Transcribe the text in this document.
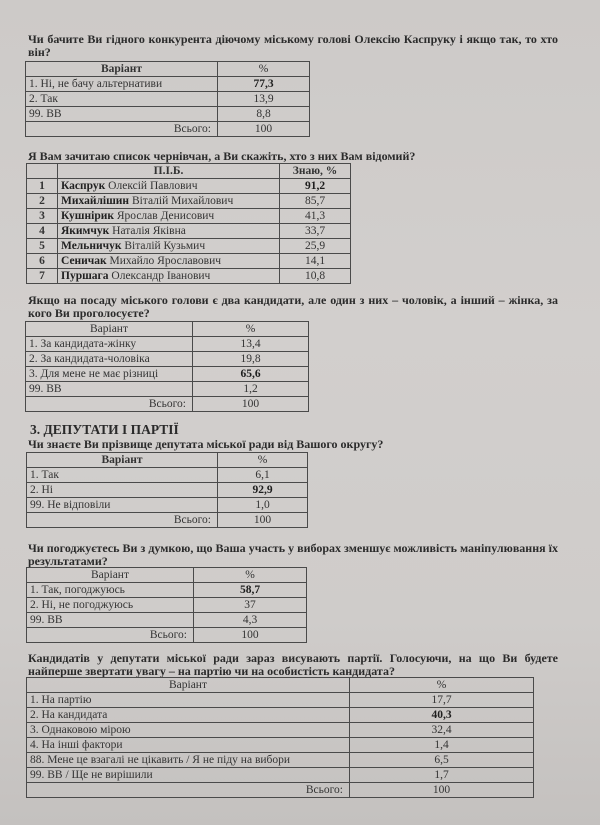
Чи бачите Ви гідного конкурента діючому міському голові Олексію Каспруку і якщо так, то хто він?
Варіант	%
1. Ні, не бачу альтернативи	77,3
2. Так	13,9
99. ВВ	8,8
Всього:	100
Я Вам зачитаю список чернівчан, а Ви скажіть, хто з них Вам відомий?
	П.І.Б.	Знаю, %
1	Каспрук Олексій Павлович	91,2
2	Михайлішин Віталій Михайлович	85,7
3	Кушнірик Ярослав Денисович	41,3
4	Якимчук Наталія Яківна	33,7
5	Мельничук Віталій Кузьмич	25,9
6	Сеничак Михайло Ярославович	14,1
7	Пуршага Олександр Іванович	10,8
Якщо на посаду міського голови є два кандидати, але один з них – чоловік, а інший – жінка, за кого Ви проголосуєте?
Варіант	%
1. За кандидата-жінку	13,4
2. За кандидата-чоловіка	19,8
3. Для мене не має різниці	65,6
99. ВВ	1,2
Всього:	100
3. ДЕПУТАТИ І ПАРТІЇ
Чи знаєте Ви прізвище депутата міської ради від Вашого округу?
Варіант	%
1. Так	6,1
2. Ні	92,9
99. Не відповіли	1,0
Всього:	100
Чи погоджуєтесь Ви з думкою, що Ваша участь у виборах зменшує можливість маніпулювання їх результатами?
Варіант	%
1. Так, погоджуюсь	58,7
2. Ні, не погоджуюсь	37
99. ВВ	4,3
Всього:	100
Кандидатів у депутати міської ради зараз висувають партії. Голосуючи, на що Ви будете найперше звертати увагу – на партію чи на особистість кандидата?
Варіант	%
1. На партію	17,7
2. На кандидата	40,3
3. Однаковою мірою	32,4
4. На інші фактори	1,4
88. Мене це взагалі не цікавить / Я не піду на вибори	6,5
99. ВВ / Ще не вирішили	1,7
Всього:	100
